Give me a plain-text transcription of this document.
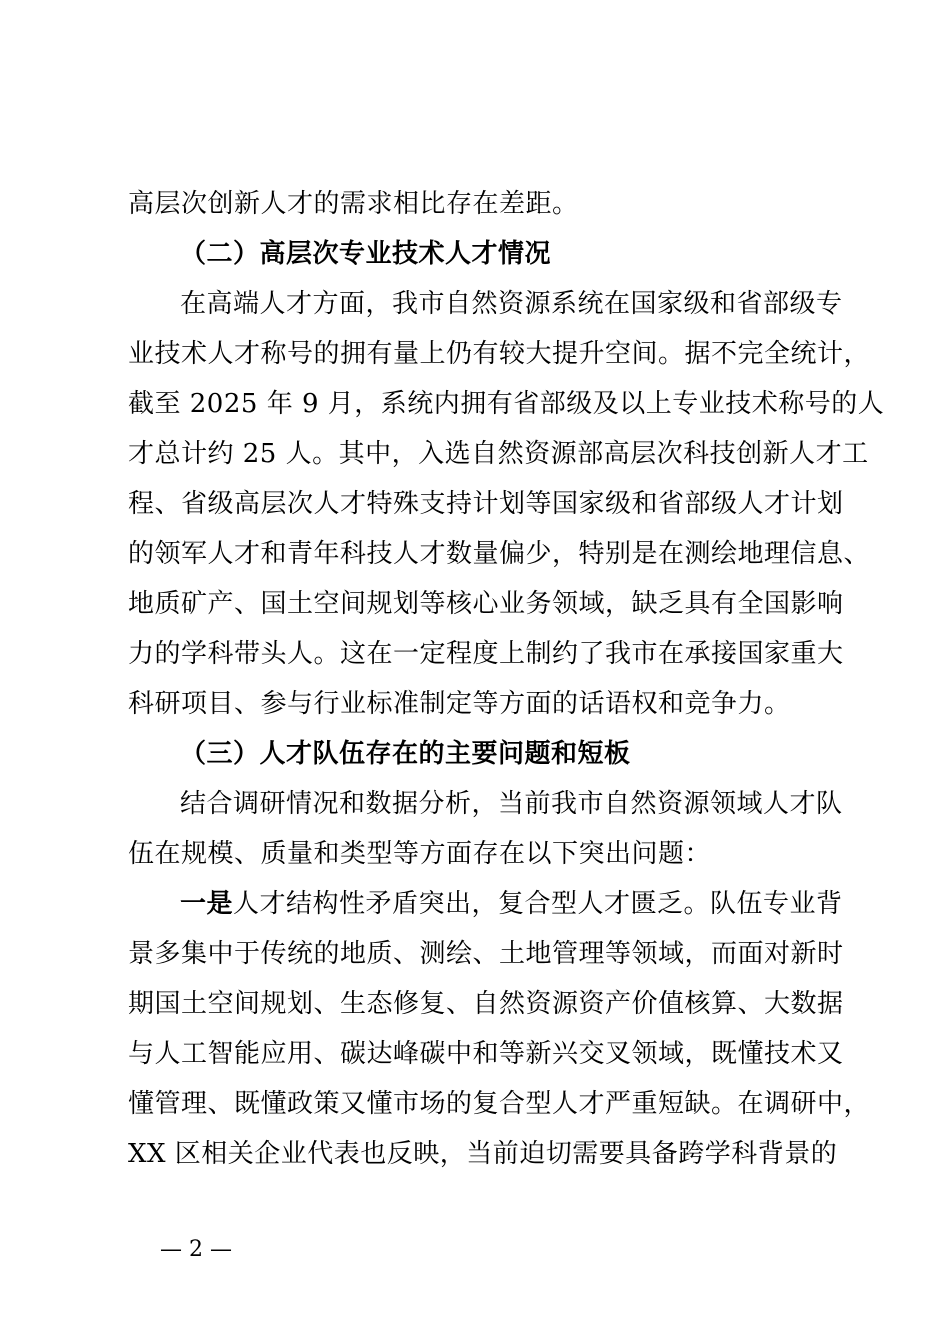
高层次创新人才的需求相比存在差距。
（二）高层次专业技术人才情况
在高端人才方面，我市自然资源系统在国家级和省部级专
业技术人才称号的拥有量上仍有较大提升空间。据不完全统计，
截至 2025 年 9 月，系统内拥有省部级及以上专业技术称号的人
才总计约 25 人。其中，入选自然资源部高层次科技创新人才工
程、省级高层次人才特殊支持计划等国家级和省部级人才计划
的领军人才和青年科技人才数量偏少，特别是在测绘地理信息、
地质矿产、国土空间规划等核心业务领域，缺乏具有全国影响
力的学科带头人。这在一定程度上制约了我市在承接国家重大
科研项目、参与行业标准制定等方面的话语权和竞争力。
（三）人才队伍存在的主要问题和短板
结合调研情况和数据分析，当前我市自然资源领域人才队
伍在规模、质量和类型等方面存在以下突出问题：
一是人才结构性矛盾突出，复合型人才匮乏。队伍专业背
景多集中于传统的地质、测绘、土地管理等领域，而面对新时
期国土空间规划、生态修复、自然资源资产价值核算、大数据
与人工智能应用、碳达峰碳中和等新兴交叉领域，既懂技术又
懂管理、既懂政策又懂市场的复合型人才严重短缺。在调研中，
XX 区相关企业代表也反映，当前迫切需要具备跨学科背景的
— 2 —
